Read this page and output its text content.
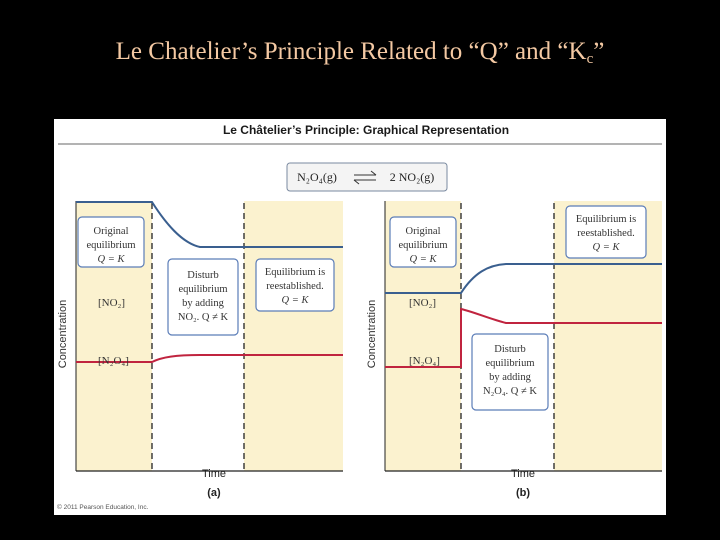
Le Chatelier’s Principle Related to “Q” and “$K_c$”
Le Châtelier’s Principle: Graphical Representation
N₂O₄(g)	2 NO₂(g)
Concentration
Time
(a)
[NO₂]
[N₂O₄]
Original
equilibrium
Q = K
Disturb
equilibrium
by adding
NO₂. Q ≠ K
Equilibrium is
reestablished.
Q = K	Concentration
Time
(b)
[NO₂]
[N₂O₄]
Original
equilibrium
Q = K
Disturb
equilibrium
by adding
N₂O₄. Q ≠ K
Equilibrium is
reestablished.
Q = K
© 2011 Pearson Education, Inc.
